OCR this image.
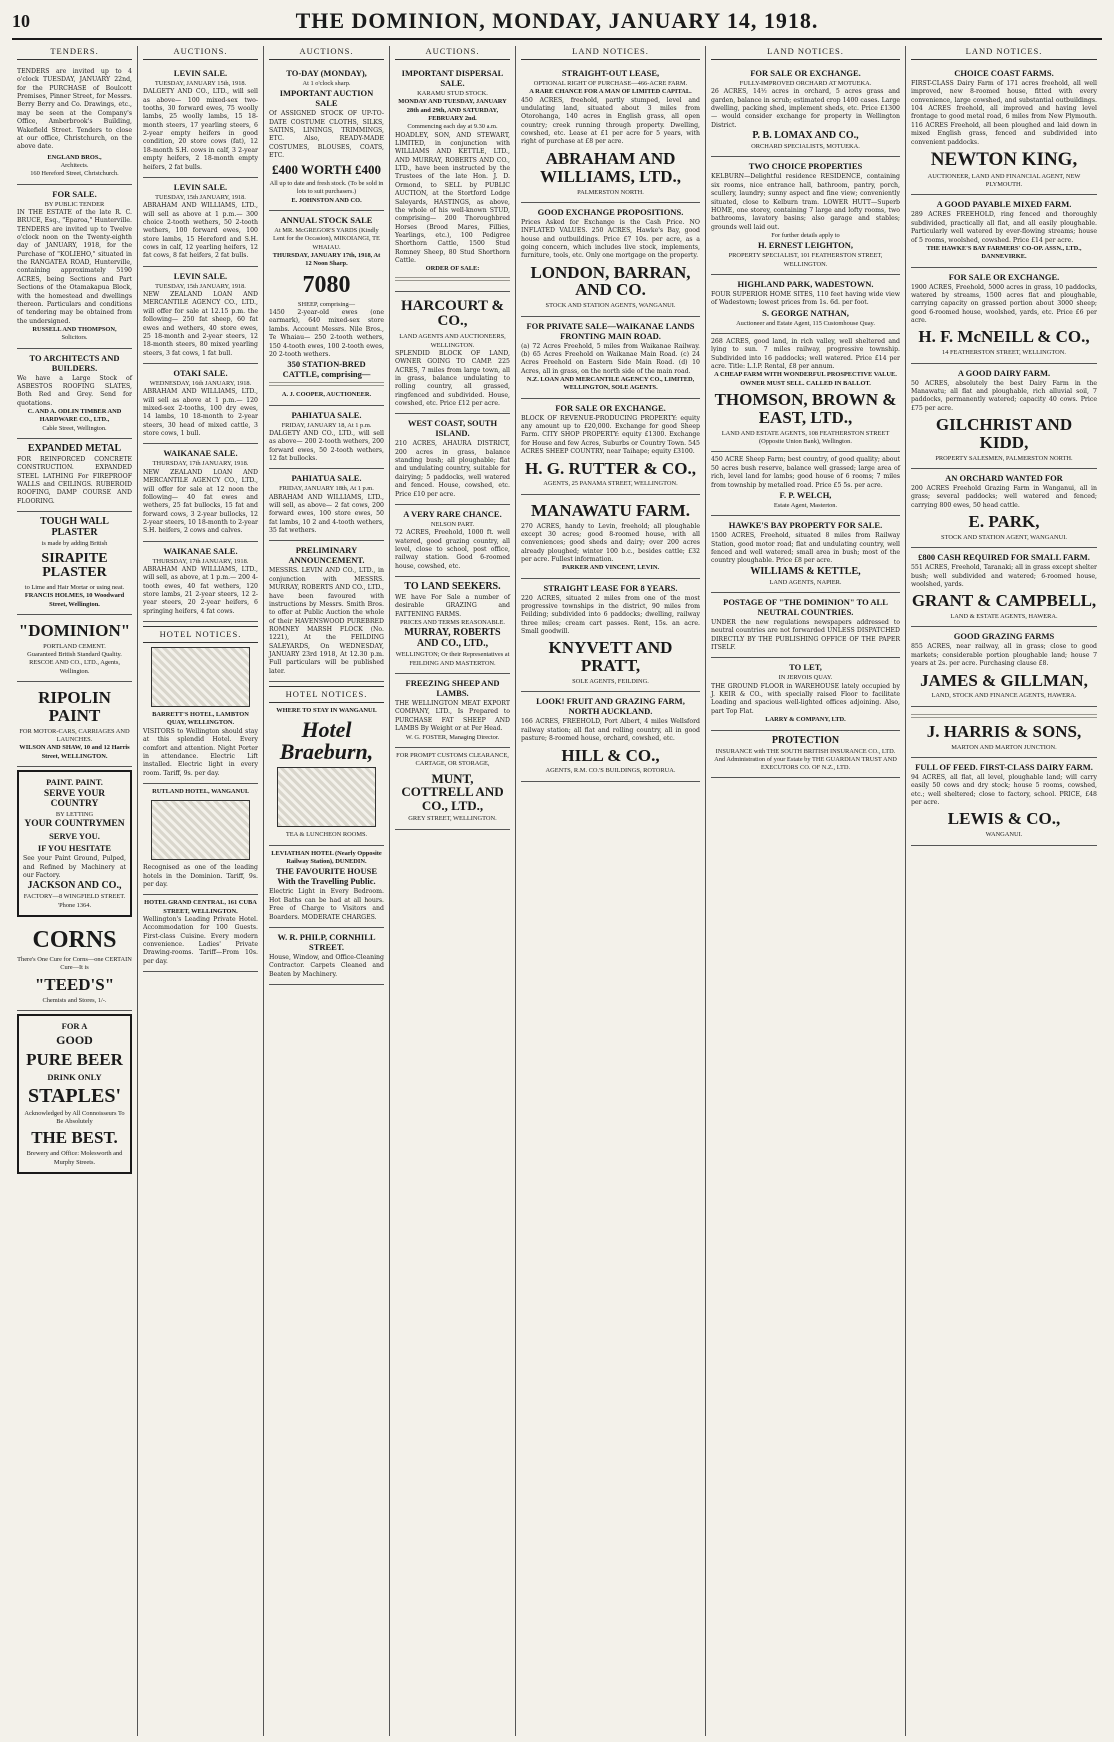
10	THE DOMINION, MONDAY, JANUARY 14, 1918.
TENDERS.
TENDERS are invited up to 4 o'clock TUESDAY, JANUARY 22nd, for the PURCHASE of Boulcott Premises, Pinner Street, for Messrs. Berry Berry and Co. Drawings, etc., may be seen at the Company's Office, Amberbrook's Building, Wakefield Street. Tenders to close at our office, Christchurch, on the above date.
ENGLAND BROS.,
Architects.
160 Hereford Street, Christchurch.
FOR SALE.
BY PUBLIC TENDER
IN THE ESTATE of the late R. C. BRUCE, Esq., "Eparoa," Hunterville. TENDERS are invited up to Twelve o'clock noon on the Twenty-eighth day of JANUARY, 1918, for the Purchase of "KOLIEHO," situated in the RANGATEA ROAD, Hunterville, containing approximately 5190 ACRES, being Sections and Part Sections of the Otamakapua Block, with the homestead and dwellings thereon. Particulars and conditions of tendering may be obtained from the undersigned.
RUSSELL AND THOMPSON,
Solicitors.
TO ARCHITECTS AND BUILDERS.
We have a Large Stock of ASBESTOS ROOFING SLATES, Both Red and Grey. Send for quotations.
C. AND A. ODLIN TIMBER AND HARDWARE CO., LTD.,
Cable Street, Wellington.
EXPANDED METAL
FOR REINFORCED CONCRETE CONSTRUCTION. EXPANDED STEEL LATHING For FIREPROOF WALLS and CEILINGS. RUBEROID ROOFING, DAMP COURSE AND FLOORING.
TOUGH WALL PLASTER
is made by adding British
SIRAPITE PLASTER
to Lime and Hair Mortar or using neat.
FRANCIS HOLMES, 10 Woodward Street, Wellington.
"DOMINION"
PORTLAND CEMENT.
Guaranteed British Standard Quality. RESCOE AND CO., LTD., Agents, Wellington.
RIPOLIN PAINT
FOR MOTOR-CARS, CARRIAGES AND LAUNCHES.
WILSON AND SHAW, 10 and 12 Harris Street, WELLINGTON.
PAINT. PAINT.
SERVE YOUR COUNTRY
BY LETTING
YOUR COUNTRYMEN
SERVE YOU.
IF YOU HESITATE
See your Paint Ground, Pulped, and Refined by Machinery at our Factory.
JACKSON AND CO.,
FACTORY—8 WINGFIELD STREET.
'Phone 1364.
CORNS
There's One Cure for Corns—one CERTAIN Cure—It is
"TEED'S"
Chemists and Stores, 1/-.
FOR A
GOOD
PURE BEER
DRINK ONLY
STAPLES'
Acknowledged by All Connoisseurs To Be Absolutely
THE BEST.
Brewery and Office: Molesworth and Murphy Streets.
AUCTIONS.
LEVIN SALE.
TUESDAY, JANUARY 15th, 1918.
DALGETY AND CO., LTD., will sell as above— 100 mixed-sex two-tooths, 30 forward ewes, 75 woolly lambs, 25 woolly lambs, 15 18-month steers, 17 yearling steers, 6 2-year empty heifers in good condition, 20 store cows (fat), 12 18-month S.H. cows in calf, 3 2-year empty heifers, 2 18-month empty heifers, 2 fat bulls.
LEVIN SALE.
TUESDAY, 15th JANUARY, 1918.
ABRAHAM AND WILLIAMS, LTD., will sell as above at 1 p.m.— 300 choice 2-tooth wethers, 50 2-tooth wethers, 100 forward ewes, 100 store lambs, 15 Hereford and S.H. cows in calf, 12 yearling heifers, 12 fat cows, 8 fat heifers, 2 fat bulls.
LEVIN SALE.
TUESDAY, 15th JANUARY, 1918.
NEW ZEALAND LOAN AND MERCANTILE AGENCY CO., LTD., will offer for sale at 12.15 p.m. the following— 250 fat sheep, 60 fat ewes and wethers, 40 store ewes, 25 18-month and 2-year steers, 12 18-month steers, 80 mixed yearling steers, 3 fat cows, 1 fat bull.
OTAKI SALE.
WEDNESDAY, 16th JANUARY, 1918.
ABRAHAM AND WILLIAMS, LTD., will sell as above at 1 p.m.— 120 mixed-sex 2-tooths, 100 dry ewes, 14 lambs, 10 18-month to 2-year steers, 30 head of mixed cattle, 3 store cows, 1 bull.
WAIKANAE SALE.
THURSDAY, 17th JANUARY, 1918.
NEW ZEALAND LOAN AND MERCANTILE AGENCY CO., LTD., will offer for sale at 12 noon the following— 40 fat ewes and wethers, 25 fat bullocks, 15 fat and forward cows, 3 2-year bullocks, 12 2-year steers, 10 18-month to 2-year S.H. heifers, 2 cows and calves.
WAIKANAE SALE.
THURSDAY, 17th JANUARY, 1918.
ABRAHAM AND WILLIAMS, LTD., will sell, as above, at 1 p.m.— 200 4-tooth ewes, 40 fat wethers, 120 store lambs, 21 2-year steers, 12 2-year steers, 20 2-year heifers, 6 springing heifers, 4 fat cows.
HOTEL NOTICES.
BARRETT'S HOTEL, LAMBTON QUAY, WELLINGTON.
VISITORS to Wellington should stay at this splendid Hotel. Every comfort and attention. Night Porter in attendance. Electric Lift installed. Electric light in every room. Tariff, 9s. per day.
RUTLAND HOTEL, WANGANUI.
Recognised as one of the leading hotels in the Dominion. Tariff, 9s. per day.
HOTEL GRAND CENTRAL, 161 CUBA STREET, WELLINGTON.
Wellington's Leading Private Hotel. Accommodation for 100 Guests. First-class Cuisine. Every modern convenience. Ladies' Private Drawing-rooms. Tariff—From 10s. per day.
AUCTIONS.
TO-DAY (MONDAY),
At 1 o'clock sharp.
IMPORTANT AUCTION SALE
Of ASSIGNED STOCK OF UP-TO-DATE COSTUME CLOTHS, SILKS, SATINS, LININGS, TRIMMINGS, ETC. Also, READY-MADE COSTUMES, BLOUSES, COATS, ETC.
£400 WORTH £400
All up to date and fresh stock. (To be sold in lots to suit purchasers.)
E. JOHNSTON AND CO.
ANNUAL STOCK SALE
At MR. McGREGOR'S YARDS (Kindly Lent for the Occasion), MIKOIANGI, TE WHAIAU.
THURSDAY, JANUARY 17th, 1918, At 12 Noon Sharp.
7080
SHEEP, comprising—
1450 2-year-old ewes (one earmark), 640 mixed-sex store lambs. Account Messrs. Nile Bros., Te Whaiau— 250 2-tooth wethers, 150 4-tooth ewes, 100 2-tooth ewes, 20 2-tooth wethers.
350 STATION-BRED CATTLE, comprising—
A. J. COOPER, AUCTIONEER.
PAHIATUA SALE.
FRIDAY, JANUARY 18, At 1 p.m.
DALGETY AND CO., LTD., will sell as above— 200 2-tooth wethers, 200 forward ewes, 50 2-tooth wethers, 12 fat bullocks.
PAHIATUA SALE.
FRIDAY, JANUARY 18th, At 1 p.m.
ABRAHAM AND WILLIAMS, LTD., will sell, as above— 2 fat cows, 200 forward ewes, 100 store ewes, 50 fat lambs, 10 2 and 4-tooth wethers, 35 fat wethers.
PRELIMINARY ANNOUNCEMENT.
MESSRS. LEVIN AND CO., LTD., in conjunction with MESSRS. MURRAY, ROBERTS AND CO., LTD., have been favoured with instructions by Messrs. Smith Bros. to offer at Public Auction the whole of their HAVENSWOOD PUREBRED ROMNEY MARSH FLOCK (No. 1221), At the FEILDING SALEYARDS, On WEDNESDAY, JANUARY 23rd 1918, At 12.30 p.m. Full particulars will be published later.
HOTEL NOTICES.
WHERE TO STAY IN WANGANUI.
Hotel Braeburn,
TEA & LUNCHEON ROOMS.
LEVIATHAN HOTEL (Nearly Opposite Railway Station), DUNEDIN.
THE FAVOURITE HOUSE With the Travelling Public.
Electric Light in Every Bedroom. Hot Baths can be had at all hours. Free of Charge to Visitors and Boarders. MODERATE CHARGES.
W. R. PHILP, CORNHILL STREET.
House, Window, and Office-Cleaning Contractor. Carpets Cleaned and Beaten by Machinery.
AUCTIONS.
IMPORTANT DISPERSAL SALE.
KARAMU STUD STOCK.
MONDAY AND TUESDAY, JANUARY 28th and 29th, AND SATURDAY, FEBRUARY 2nd.
Commencing each day at 9.30 a.m.
HOADLEY, SON, AND STEWART, LIMITED, in conjunction with WILLIAMS AND KETTLE, LTD., AND MURRAY, ROBERTS AND CO., LTD., have been instructed by the Trustees of the late Hon. J. D. Ormond, to SELL by PUBLIC AUCTION, at the Stortford Lodge Saleyards, HASTINGS, as above, the whole of his well-known STUD, comprising— 200 Thoroughbred Horses (Brood Mares, Fillies, Yearlings, etc.), 100 Pedigree Shorthorn Cattle, 1500 Stud Romney Sheep, 80 Stud Shorthorn Cattle.
ORDER OF SALE:
HARCOURT & CO.,
LAND AGENTS AND AUCTIONEERS, WELLINGTON.
SPLENDID BLOCK OF LAND, OWNER GOING TO CAMP. 225 ACRES, 7 miles from large town, all in grass, balance undulating to rolling country, all grassed, ringfenced and subdivided. House, cowshed, etc. Price £12 per acre.
WEST COAST, SOUTH ISLAND.
210 ACRES, AHAURA DISTRICT, 200 acres in grass, balance standing bush; all ploughable; flat and undulating country, suitable for dairying; 5 paddocks, well watered and fenced. House, cowshed, etc. Price £10 per acre.
A VERY RARE CHANCE.
NELSON PART.
72 ACRES, Freehold, 1000 ft. well watered, good grazing country, all level, close to school, post office, railway station. Good 6-roomed house, cowshed, etc.
TO LAND SEEKERS.
WE have For Sale a number of desirable GRAZING and FATTENING FARMS.
PRICES AND TERMS REASONABLE.
MURRAY, ROBERTS AND CO., LTD.,
WELLINGTON; Or their Representatives at FEILDING AND MASTERTON.
FREEZING SHEEP AND LAMBS.
THE WELLINGTON MEAT EXPORT COMPANY, LTD., Is Prepared to PURCHASE FAT SHEEP AND LAMBS By Weight or at Per Head.
W. G. FOSTER, Managing Director.
FOR PROMPT CUSTOMS CLEARANCE, CARTAGE, OR STORAGE,
MUNT, COTTRELL AND CO., LTD.,
GREY STREET, WELLINGTON.
LAND NOTICES.
STRAIGHT-OUT LEASE,
OPTIONAL RIGHT OF PURCHASE—466-ACRE FARM.
A RARE CHANCE FOR A MAN OF LIMITED CAPITAL.
450 ACRES, freehold, partly stumped, level and undulating land, situated about 3 miles from Otorohanga, 140 acres in English grass, all open country; creek running through property. Dwelling, cowshed, etc. Lease at £1 per acre for 5 years, with right of purchase at £8 per acre.
ABRAHAM AND WILLIAMS, LTD.,
PALMERSTON NORTH.
GOOD EXCHANGE PROPOSITIONS.
Prices Asked for Exchange is the Cash Price. NO INFLATED VALUES. 250 ACRES, Hawke's Bay, good house and outbuildings. Price £7 10s. per acre, as a going concern, which includes live stock, implements, furniture, tools, etc. Only one mortgage on the property.
LONDON, BARRAN, AND CO.
STOCK AND STATION AGENTS, WANGANUI.
FOR PRIVATE SALE—WAIKANAE LANDS FRONTING MAIN ROAD.
(a) 72 Acres Freehold, 5 miles from Waikanae Railway. (b) 65 Acres Freehold on Waikanae Main Road. (c) 24 Acres Freehold on Eastern Side Main Road. (d) 10 Acres, all in grass, on the north side of the main road.
N.Z. LOAN AND MERCANTILE AGENCY CO., LIMITED, WELLINGTON, SOLE AGENTS.
FOR SALE OR EXCHANGE.
BLOCK OF REVENUE-PRODUCING PROPERTY: equity any amount up to £20,000. Exchange for good Sheep Farm. CITY SHOP PROPERTY: equity £1300. Exchange for House and few Acres, Suburbs or Country Town. 545 ACRES SHEEP COUNTRY, near Taihape; equity £3100.
H. G. RUTTER & CO.,
AGENTS, 25 PANAMA STREET, WELLINGTON.
MANAWATU FARM.
270 ACRES, handy to Levin, freehold; all ploughable except 30 acres; good 8-roomed house, with all conveniences; good sheds and dairy; over 200 acres already ploughed; winter 100 b.c., besides cattle; £32 per acre. Fullest information.
PARKER AND VINCENT, LEVIN.
STRAIGHT LEASE FOR 8 YEARS.
220 ACRES, situated 2 miles from one of the most progressive townships in the district, 90 miles from Feilding; subdivided into 6 paddocks; dwelling, railway three miles; cream cart passes. Rent, 15s. an acre. Small goodwill.
KNYVETT AND PRATT,
SOLE AGENTS, FEILDING.
LOOK! FRUIT AND GRAZING FARM, NORTH AUCKLAND.
166 ACRES, FREEHOLD, Port Albert, 4 miles Wellsford railway station; all flat and rolling country, all in good pasture; 8-roomed house, orchard, cowshed, etc.
HILL & CO.,
AGENTS, R.M. CO.'S BUILDINGS, ROTORUA.
LAND NOTICES.
FOR SALE OR EXCHANGE.
FULLY-IMPROVED ORCHARD AT MOTUEKA.
26 ACRES, 14½ acres in orchard, 5 acres grass and garden, balance in scrub; estimated crop 1400 cases. Large dwelling, packing shed, implement sheds, etc. Price £1300 — would consider exchange for property in Wellington District.
P. B. LOMAX AND CO.,
ORCHARD SPECIALISTS, MOTUEKA.
TWO CHOICE PROPERTIES
KELBURN—Delightful residence RESIDENCE, containing six rooms, nice entrance hall, bathroom, pantry, porch, scullery, laundry; sunny aspect and fine view; conveniently situated, close to Kelburn tram. LOWER HUTT—Superb HOME, one storey, containing 7 large and lofty rooms, two bathrooms, lavatory basins; also garage and stables; grounds well laid out.
For further details apply to
H. ERNEST LEIGHTON,
PROPERTY SPECIALIST, 101 FEATHERSTON STREET, WELLINGTON.
HIGHLAND PARK, WADESTOWN.
FOUR SUPERIOR HOME SITES, 110 feet having wide view of Wadestown; lowest prices from 1s. 6d. per foot.
S. GEORGE NATHAN,
Auctioneer and Estate Agent, 115 Customhouse Quay.
268 ACRES, good land, in rich valley, well sheltered and lying to sun. 7 miles railway, progressive township. Subdivided into 16 paddocks; well watered. Price £14 per acre. Title: L.I.P. Rental, £8 per annum.
A CHEAP FARM WITH WONDERFUL PROSPECTIVE VALUE. OWNER MUST SELL. CALLED IN BALLOT.
THOMSON, BROWN & EAST, LTD.,
LAND AND ESTATE AGENTS, 108 FEATHERSTON STREET (Opposite Union Bank), Wellington.
450 ACRE Sheep Farm; best country, of good quality; about 50 acres bush reserve, balance well grassed; large area of rich, level land for lambs; good house of 6 rooms; 7 miles from township by metalled road. Price £5 5s. per acre.
F. P. WELCH,
Estate Agent, Masterton.
HAWKE'S BAY PROPERTY FOR SALE.
1500 ACRES, Freehold, situated 8 miles from Railway Station, good motor road; flat and undulating country, well fenced and well watered; small area in bush; most of the country ploughable. Price £8 per acre.
WILLIAMS & KETTLE,
LAND AGENTS, NAPIER.
POSTAGE OF "THE DOMINION" TO ALL NEUTRAL COUNTRIES.
UNDER the new regulations newspapers addressed to neutral countries are not forwarded UNLESS DISPATCHED DIRECTLY BY THE PUBLISHING OFFICE OF THE PAPER ITSELF.
TO LET,
IN JERVOIS QUAY.
THE GROUND FLOOR in WAREHOUSE lately occupied by J. KEIR & CO., with specially raised Floor to facilitate Loading and spacious well-lighted offices adjoining. Also, part Top Flat.
LARRY & COMPANY, LTD.
PROTECTION
INSURANCE with THE SOUTH BRITISH INSURANCE CO., LTD. And Administration of your Estate by THE GUARDIAN TRUST AND EXECUTORS CO. OF N.Z., LTD.
LAND NOTICES.
CHOICE COAST FARMS.
FIRST-CLASS Dairy Farm of 171 acres freehold, all well improved, new 8-roomed house, fitted with every convenience, large cowshed, and substantial outbuildings. 104 ACRES freehold, all improved and having level frontage to good metal road, 6 miles from New Plymouth. 116 ACRES Freehold, all been ploughed and laid down in mixed English grass, fenced and subdivided into convenient paddocks.
NEWTON KING,
AUCTIONEER, LAND AND FINANCIAL AGENT, NEW PLYMOUTH.
A GOOD PAYABLE MIXED FARM.
289 ACRES FREEHOLD, ring fenced and thoroughly subdivided, practically all flat, and all easily ploughable. Particularly well watered by ever-flowing streams; house of 5 rooms, woolshed, cowshed. Price £14 per acre.
THE HAWKE'S BAY FARMERS' CO-OP. ASSN., LTD., DANNEVIRKE.
FOR SALE OR EXCHANGE.
1900 ACRES, Freehold, 5000 acres in grass, 10 paddocks, watered by streams, 1500 acres flat and ploughable, carrying capacity on grassed portion about 3000 sheep; good 6-roomed house, woolshed, yards, etc. Price £6 per acre.
H. F. McNEILL & CO.,
14 FEATHERSTON STREET, WELLINGTON.
A GOOD DAIRY FARM.
50 ACRES, absolutely the best Dairy Farm in the Manawatu; all flat and ploughable, rich alluvial soil, 7 paddocks, permanently watered; capacity 40 cows. Price £75 per acre.
GILCHRIST AND KIDD,
PROPERTY SALESMEN, PALMERSTON NORTH.
AN ORCHARD WANTED FOR
200 ACRES Freehold Grazing Farm in Wanganui, all in grass; several paddocks; well watered and fenced; carrying 800 ewes, 50 head cattle.
E. PARK,
STOCK AND STATION AGENT, WANGANUI.
£800 CASH REQUIRED FOR SMALL FARM.
551 ACRES, Freehold, Taranaki; all in grass except shelter bush; well subdivided and watered; 6-roomed house, woolshed, yards.
GRANT & CAMPBELL,
LAND & ESTATE AGENTS, HAWERA.
GOOD GRAZING FARMS
855 ACRES, near railway, all in grass; close to good markets; considerable portion ploughable land; house 7 years at 2s. per acre. Purchasing clause £8.
JAMES & GILLMAN,
LAND, STOCK AND FINANCE AGENTS, HAWERA.
J. HARRIS & SONS,
MARTON AND MARTON JUNCTION.
FULL OF FEED. FIRST-CLASS DAIRY FARM.
94 ACRES, all flat, all level, ploughable land; will carry easily 50 cows and dry stock; house 5 rooms, cowshed, etc.; well sheltered; close to factory, school. PRICE, £48 per acre.
LEWIS & CO.,
WANGANUI.
